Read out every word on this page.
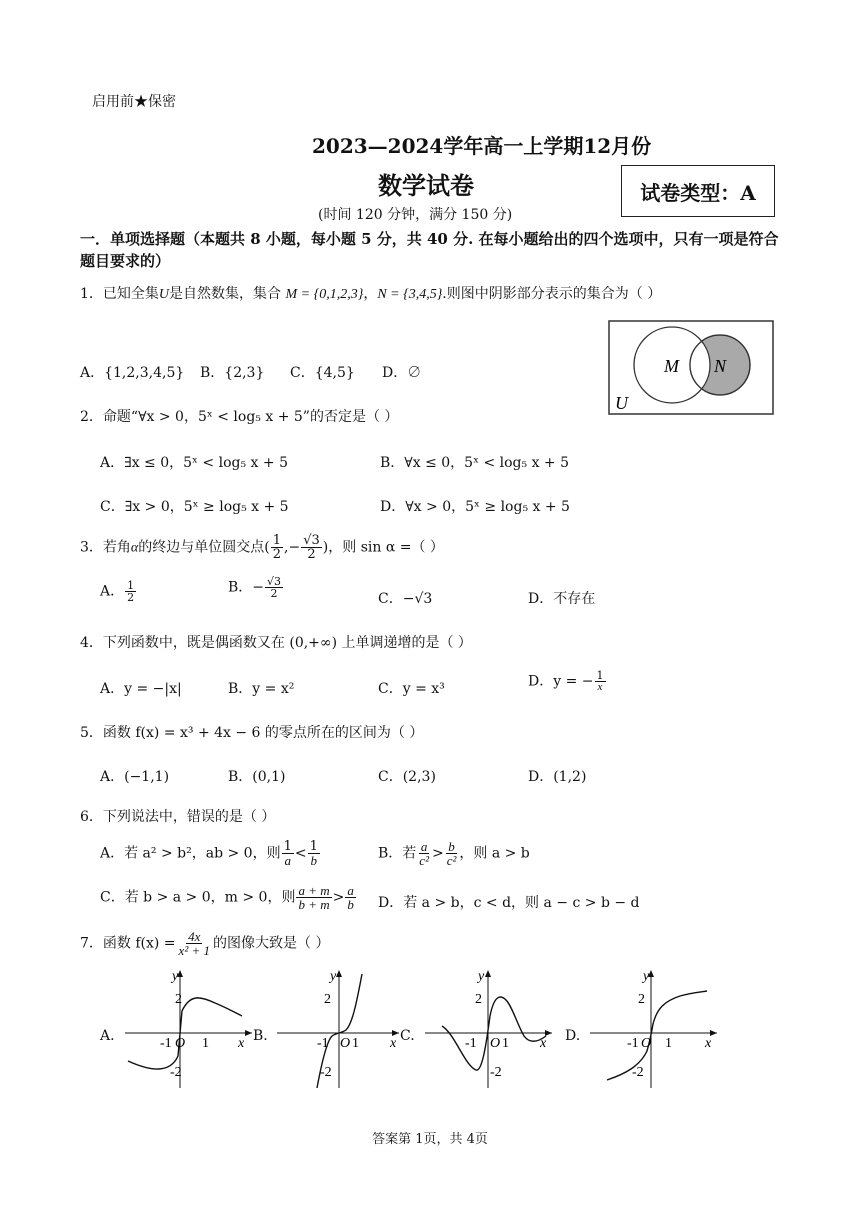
启用前★保密
2023—2024学年高一上学期12月份
数学试卷	试卷类型：A
(时间 120 分钟，满分 150 分)
一．单项选择题（本题共 8 小题，每小题 5 分，共 40 分. 在每小题给出的四个选项中，只有一项是符合题目要求的）
1．已知全集U是自然数集，集合 M = {0,1,2,3}，N = {3,4,5}.则图中阴影部分表示的集合为（ ）
A．{1,2,3,4,5} B．{2,3} C．{4,5} D．∅	M N
U
2．命题“∀x > 0，5ˣ < log₅ x + 5”的否定是（ ）
A．∃x ≤ 0，5ˣ < log₅ x + 5	B．∀x ≤ 0，5ˣ < log₅ x + 5
C．∃x > 0，5ˣ ≥ log₅ x + 5	D．∀x > 0，5ˣ ≥ log₅ x + 5
3．若角α的终边与单位圆交点( $\frac{1}{2}$ ,− $\frac{√3}{2}$ )，则 sin α =（ ）
A． $\frac{1}{2}$	B．− $\frac{√3}{2}$	C．−√3	D．不存在
4．下列函数中，既是偶函数又在 (0,+∞) 上单调递增的是（ ）
A．y = −|x|	B．y = x²	C．y = x³	D．y = − $\frac{1}{x}$
5．函数 f(x) = x³ + 4x − 6 的零点所在的区间为（ ）
A．(−1,1)	B．(0,1)	C．(2,3)	D．(1,2)
6．下列说法中，错误的是（ ）
A．若 a² > b²，ab > 0，则 $\frac{1}{a} < \frac{1}{b}$	B．若 $\frac{a}{\text{c²}} > \frac{b}{\text{c²}}$ ，则 a > b
C．若 b > a > 0，m > 0，则 $\frac{a + m}{b + m} > \frac{a}{b}$ D．若 a > b，c < d，则 a − c > b − d
7．函数 $f(x) = \frac{4x}{\text{x² + 1}}$ 的图像大致是（ ）
A.	B.	C.	D.
y
x
2
-1 O 1
-2
y
x
2
-1 O 1
-2
y
x
2
-1 O 1
-2
y
x
2
-1 O 1
-2
答案第 1页，共 4页
